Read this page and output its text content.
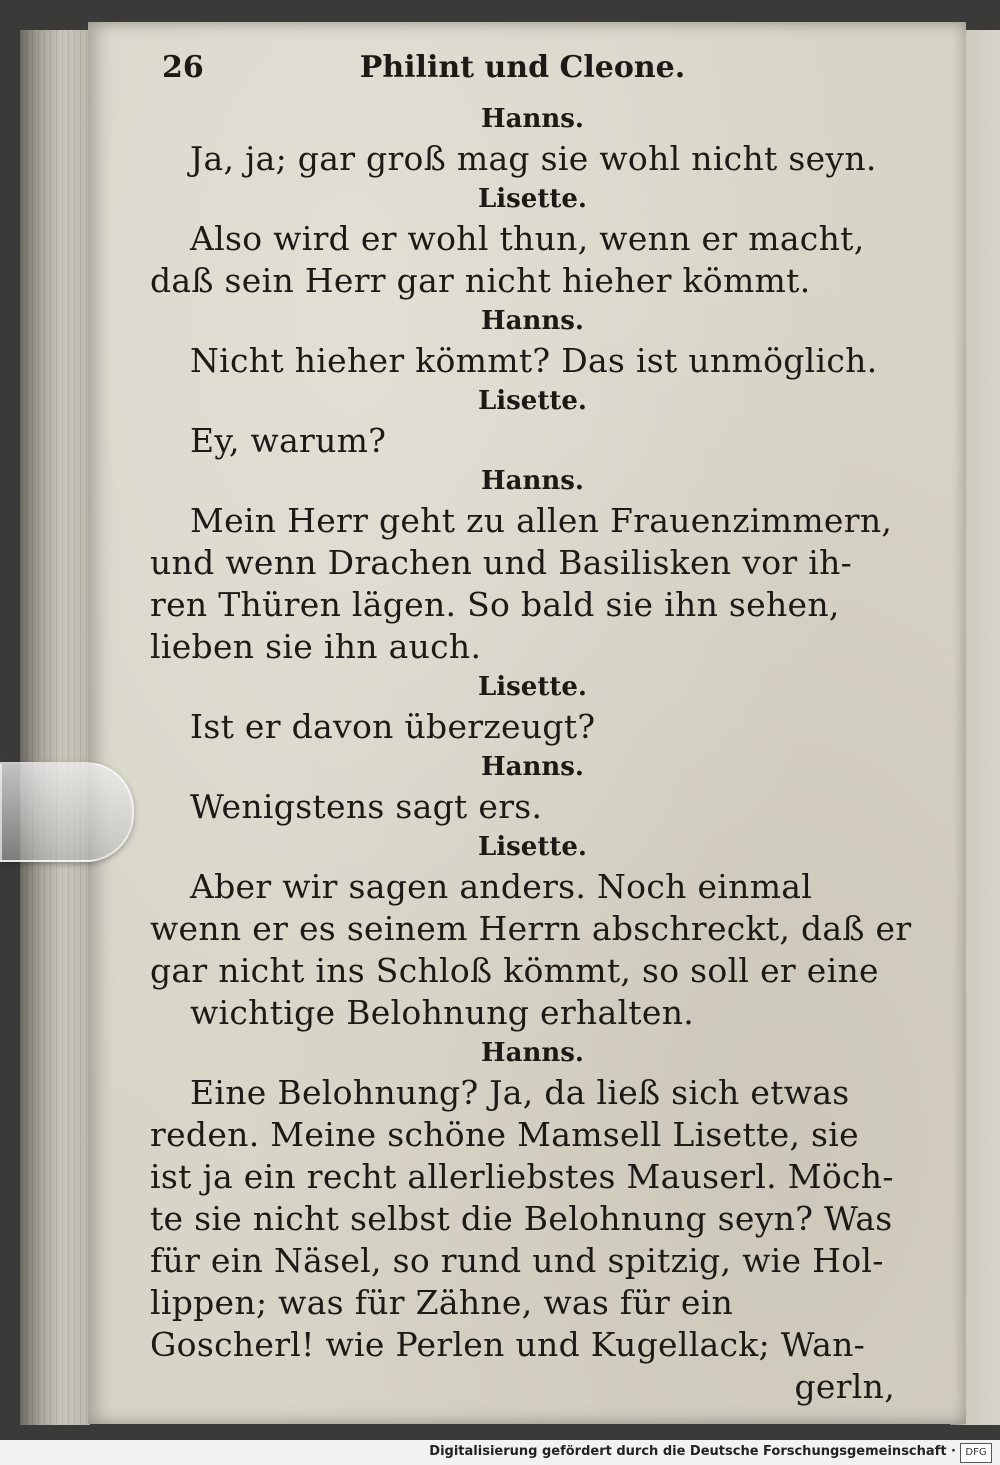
26	Philint und Cleone.
Hanns.
Ja, ja; gar groß mag sie wohl nicht seyn.
Lisette.
Also wird er wohl thun, wenn er macht,
daß sein Herr gar nicht hieher kömmt.
Hanns.
Nicht hieher kömmt? Das ist unmöglich.
Lisette.
Ey, warum?
Hanns.
Mein Herr geht zu allen Frauenzimmern,
und wenn Drachen und Basilisken vor ih-
ren Thüren lägen. So bald sie ihn sehen,
lieben sie ihn auch.
Lisette.
Ist er davon überzeugt?
Hanns.
Wenigstens sagt ers.
Lisette.
Aber wir sagen anders. Noch einmal
wenn er es seinem Herrn abschreckt, daß er
gar nicht ins Schloß kömmt, so soll er eine
wichtige Belohnung erhalten.
Hanns.
Eine Belohnung? Ja, da ließ sich etwas
reden. Meine schöne Mamsell Lisette, sie
ist ja ein recht allerliebstes Mauserl. Möch-
te sie nicht selbst die Belohnung seyn? Was
für ein Näsel, so rund und spitzig, wie Hol-
lippen; was für Zähne, was für ein
Goscherl! wie Perlen und Kugellack; Wan-
gerln,
Digitalisierung gefördert durch die Deutsche Forschungsgemeinschaft · DFG
